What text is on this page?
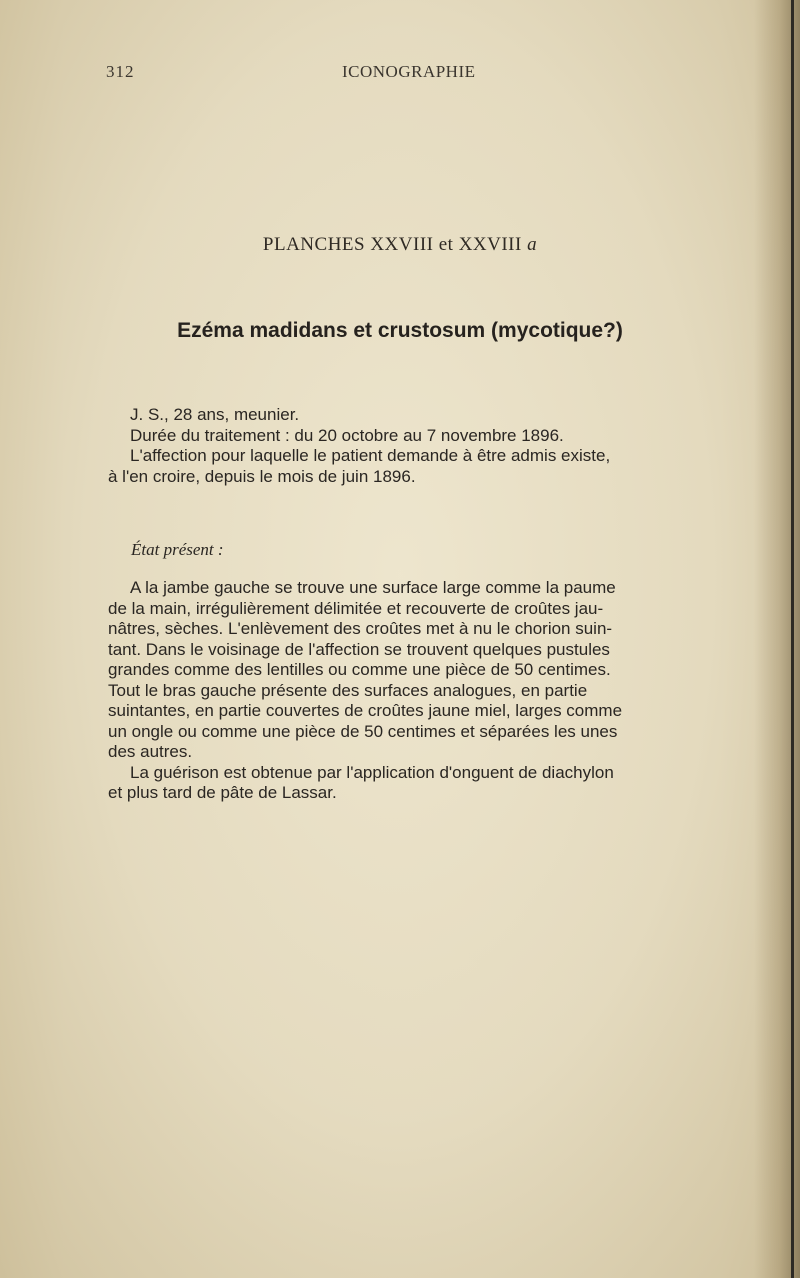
312	ICONOGRAPHIE
PLANCHES XXVIII et XXVIII a
Ezéma madidans et crustosum (mycotique?)
J. S., 28 ans, meunier.
Durée du traitement : du 20 octobre au 7 novembre 1896.
L'affection pour laquelle le patient demande à être admis existe,
à l'en croire, depuis le mois de juin 1896.
État présent :
A la jambe gauche se trouve une surface large comme la paume
de la main, irrégulièrement délimitée et recouverte de croûtes jau-
nâtres, sèches. L'enlèvement des croûtes met à nu le chorion suin-
tant. Dans le voisinage de l'affection se trouvent quelques pustules
grandes comme des lentilles ou comme une pièce de 50 centimes.
Tout le bras gauche présente des surfaces analogues, en partie
suintantes, en partie couvertes de croûtes jaune miel, larges comme
un ongle ou comme une pièce de 50 centimes et séparées les unes
des autres.
La guérison est obtenue par l'application d'onguent de diachylon
et plus tard de pâte de Lassar.
